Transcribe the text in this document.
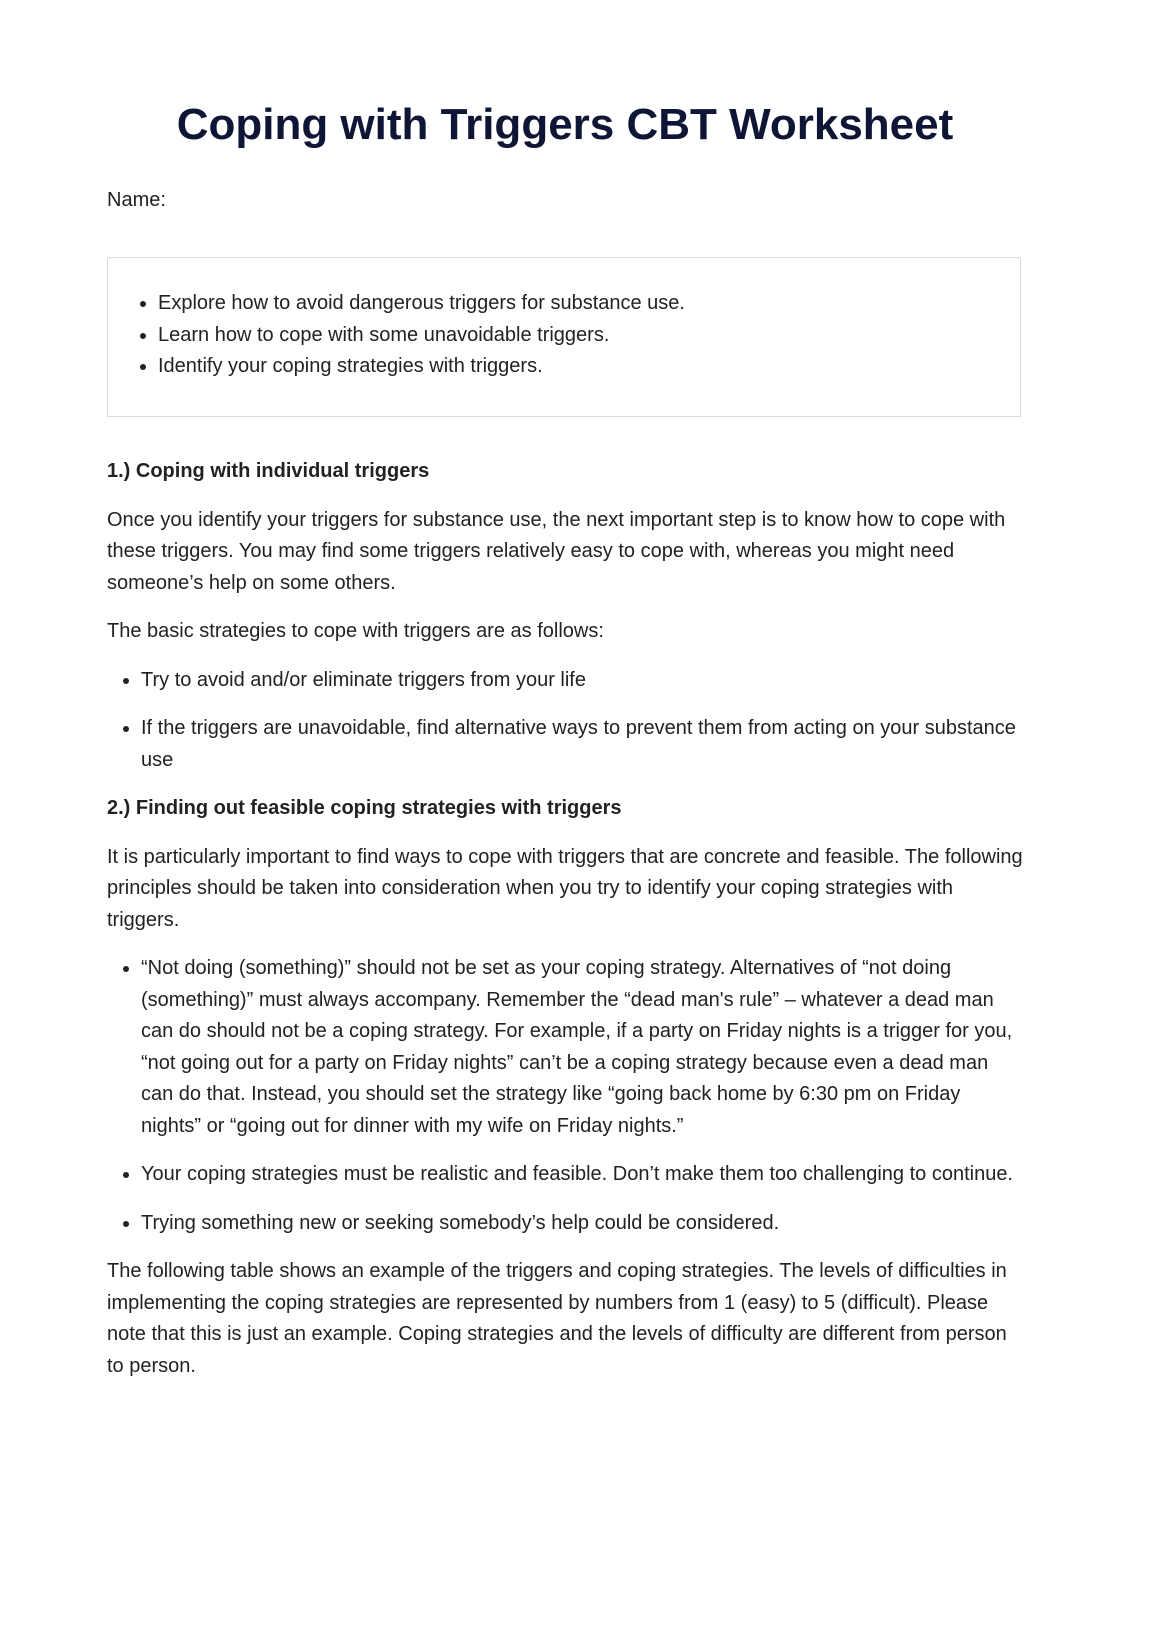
Coping with Triggers CBT Worksheet

Name:

• Explore how to avoid dangerous triggers for substance use.
• Learn how to cope with some unavoidable triggers.
• Identify your coping strategies with triggers.
1.) Coping with individual triggers

Once you identify your triggers for substance use, the next important step is to know how to cope with these triggers. You may find some triggers relatively easy to cope with, whereas you might need someone’s help on some others.

The basic strategies to cope with triggers are as follows:

• Try to avoid and/or eliminate triggers from your life
• If the triggers are unavoidable, find alternative ways to prevent them from acting on your substance use
2.) Finding out feasible coping strategies with triggers

It is particularly important to find ways to cope with triggers that are concrete and feasible. The following principles should be taken into consideration when you try to identify your coping strategies with triggers.

• “Not doing (something)” should not be set as your coping strategy. Alternatives of “not doing (something)” must always accompany. Remember the “dead man's rule” – whatever a dead man can do should not be a coping strategy. For example, if a party on Friday nights is a trigger for you, “not going out for a party on Friday nights” can’t be a coping strategy because even a dead man can do that. Instead, you should set the strategy like “going back home by 6:30 pm on Friday nights” or “going out for dinner with my wife on Friday nights.”
• Your coping strategies must be realistic and feasible. Don’t make them too challenging to continue.
• Trying something new or seeking somebody’s help could be considered.

The following table shows an example of the triggers and coping strategies. The levels of difficulties in implementing the coping strategies are represented by numbers from 1 (easy) to 5 (difficult). Please note that this is just an example. Coping strategies and the levels of difficulty are different from person to person.
